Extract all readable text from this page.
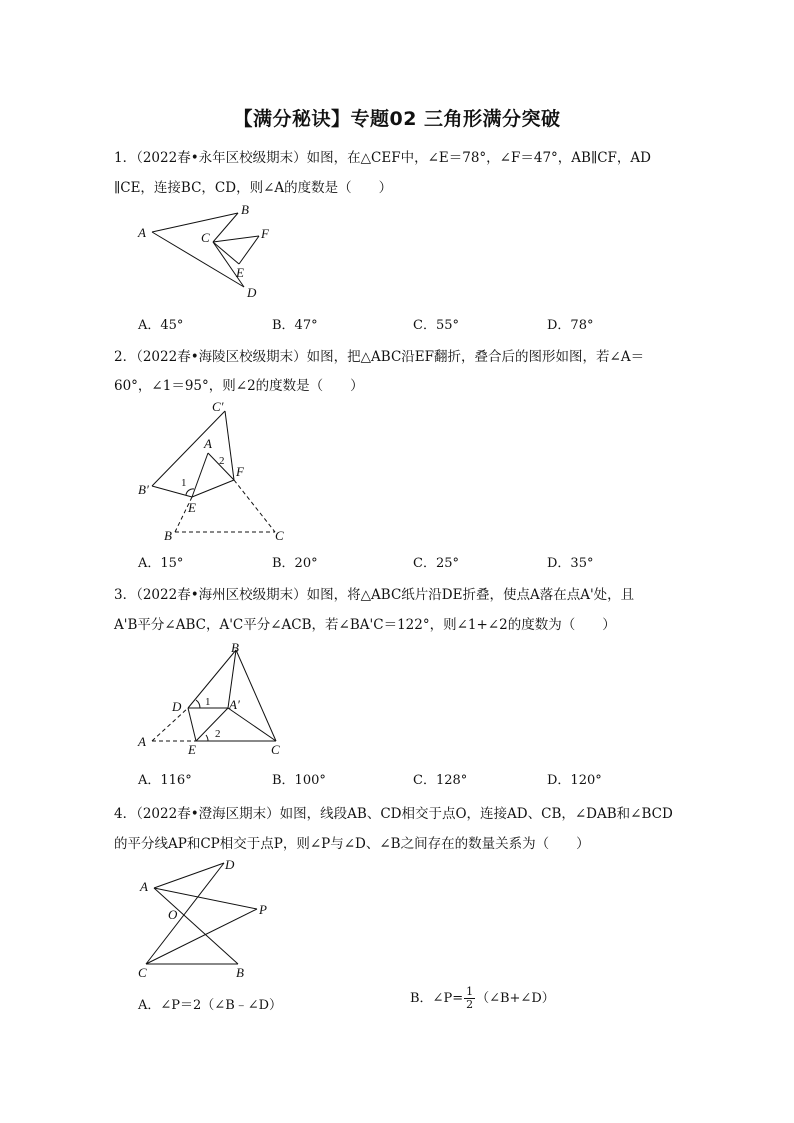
【满分秘诀】专题02 三角形满分突破
1．（2022春•永年区校级期末）如图，在△CEF中，∠E＝78°，∠F＝47°，AB∥CF，AD
∥CE，连接BC，CD，则∠A的度数是（　　）
A
B
C	F
E
D
A．45°	B．47°	C．55°	D．78°
2．（2022春•海陵区校级期末）如图，把△ABC沿EF翻折，叠合后的图形如图，若∠A＝
60°，∠1＝95°，则∠2的度数是（　　）
C′
A
2
F
B′	1
E
B	C
A．15°	B．20°	C．25°	D．35°
3．（2022春•海州区校级期末）如图，将△ABC纸片沿DE折叠，使点A落在点A'处，且
A'B平分∠ABC，A'C平分∠ACB，若∠BA'C＝122°，则∠1+∠2的度数为（　　）
B
D 1 A′
2
A
E	C
A．116°	B．100°	C．128°	D．120°
4．（2022春•澄海区期末）如图，线段AB、CD相交于点O，连接AD、CB，∠DAB和∠BCD
的平分线AP和CP相交于点P，则∠P与∠D、∠B之间存在的数量关系为（　　）
D
A
O	P
C	B
A．∠P＝2（∠B﹣∠D）	B．∠P= $\frac{1}{2}$ （∠B+∠D）
